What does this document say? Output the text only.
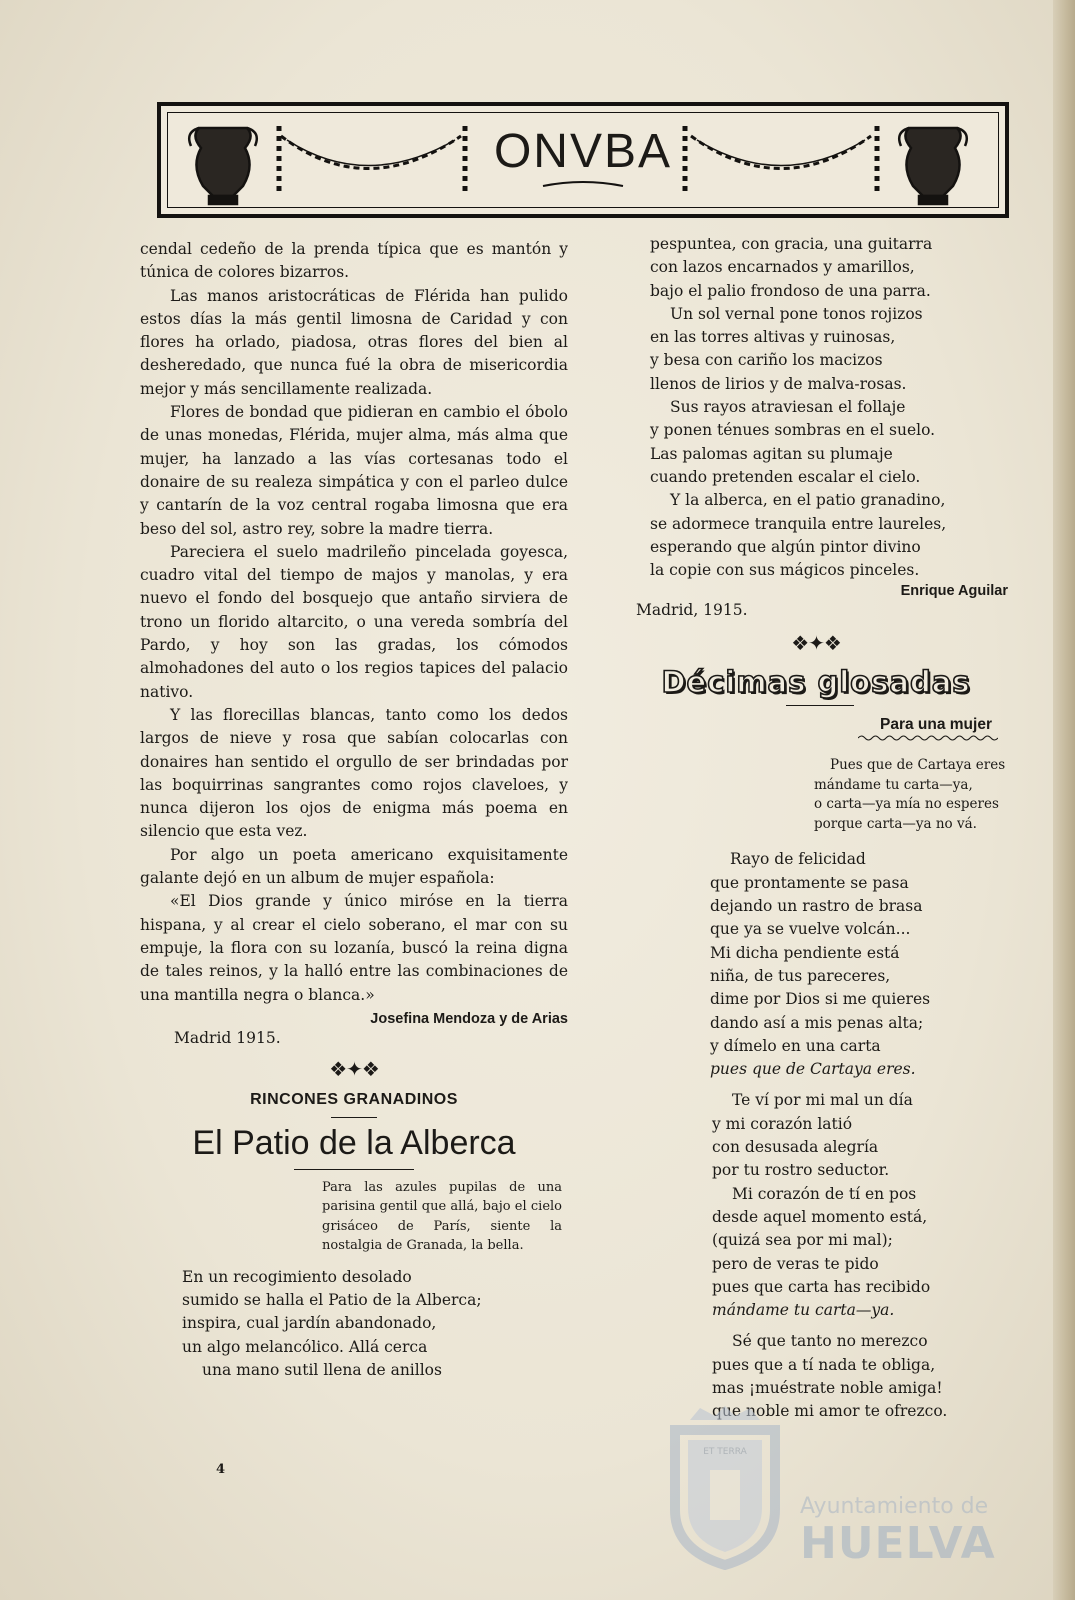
ONVBA

cendal cedeño de la prenda típica que es mantón y túnica de colores bizarros.

Las manos aristocráticas de Flérida han pulido estos días la más gentil limosna de Caridad y con flores ha orlado, piadosa, otras flores del bien al desheredado, que nunca fué la obra de misericordia mejor y más sencillamente realizada.

Flores de bondad que pidieran en cambio el óbolo de unas monedas, Flérida, mujer alma, más alma que mujer, ha lanzado a las vías cortesanas todo el donaire de su realeza simpática y con el parleo dulce y cantarín de la voz central rogaba limosna que era beso del sol, astro rey, sobre la madre tierra.

Pareciera el suelo madrileño pincelada goyesca, cuadro vital del tiempo de majos y manolas, y era nuevo el fondo del bosquejo que antaño sirviera de trono un florido altarcito, o una vereda sombría del Pardo, y hoy son las gradas, los cómodos almohadones del auto o los regios tapices del palacio nativo.

Y las florecillas blancas, tanto como los dedos largos de nieve y rosa que sabían colocarlas con donaires han sentido el orgullo de ser brindadas por las boquirrinas sangrantes como rojos claveloes, y nunca dijeron los ojos de enigma más poema en silencio que esta vez.

Por algo un poeta americano exquisitamente galante dejó en un album de mujer española:

«El Dios grande y único miróse en la tierra hispana, y al crear el cielo soberano, el mar con su empuje, la flora con su lozanía, buscó la reina digna de tales reinos, y la halló entre las combinaciones de una mantilla negra o blanca.»

Josefina Mendoza y de Arias
Madrid 1915.
❖✦❖
RINCONES GRANADINOS
El Patio de la Alberca
Para las azules pupilas de una parisina gentil que allá, bajo el cielo grisáceo de París, siente la nostalgia de Granada, la bella.
En un recogimiento desolado
sumido se halla el Patio de la Alberca;
inspira, cual jardín abandonado,
un algo melancólico. Allá cerca
una mano sutil llena de anillos
pespuntea, con gracia, una guitarra
con lazos encarnados y amarillos,
bajo el palio frondoso de una parra.
Un sol vernal pone tonos rojizos
en las torres altivas y ruinosas,
y besa con cariño los macizos
llenos de lirios y de malva-rosas.
Sus rayos atraviesan el follaje
y ponen ténues sombras en el suelo.
Las palomas agitan su plumaje
cuando pretenden escalar el cielo.
Y la alberca, en el patio granadino,
se adormece tranquila entre laureles,
esperando que algún pintor divino
la copie con sus mágicos pinceles.
Enrique Aguilar
Madrid, 1915.
❖✦❖
Décimas glosadas
Para una mujer
Pues que de Cartaya eres
mándame tu carta—ya,
o carta—ya mía no esperes
porque carta—ya no vá.
Rayo de felicidad
que prontamente se pasa
dejando un rastro de brasa
que ya se vuelve volcán...
Mi dicha pendiente está
niña, de tus pareceres,
dime por Dios si me quieres
dando así a mis penas alta;
y dímelo en una carta
pues que de Cartaya eres.
Te ví por mi mal un día
y mi corazón latió
con desusada alegría
por tu rostro seductor.
Mi corazón de tí en pos
desde aquel momento está,
(quizá sea por mi mal);
pero de veras te pido
pues que carta has recibido
mándame tu carta—ya.
Sé que tanto no merezco
pues que a tí nada te obliga,
mas ¡muéstrate noble amiga!
que noble mi amor te ofrezco.
4
ET TERRA
Ayuntamiento de
HUELVA
